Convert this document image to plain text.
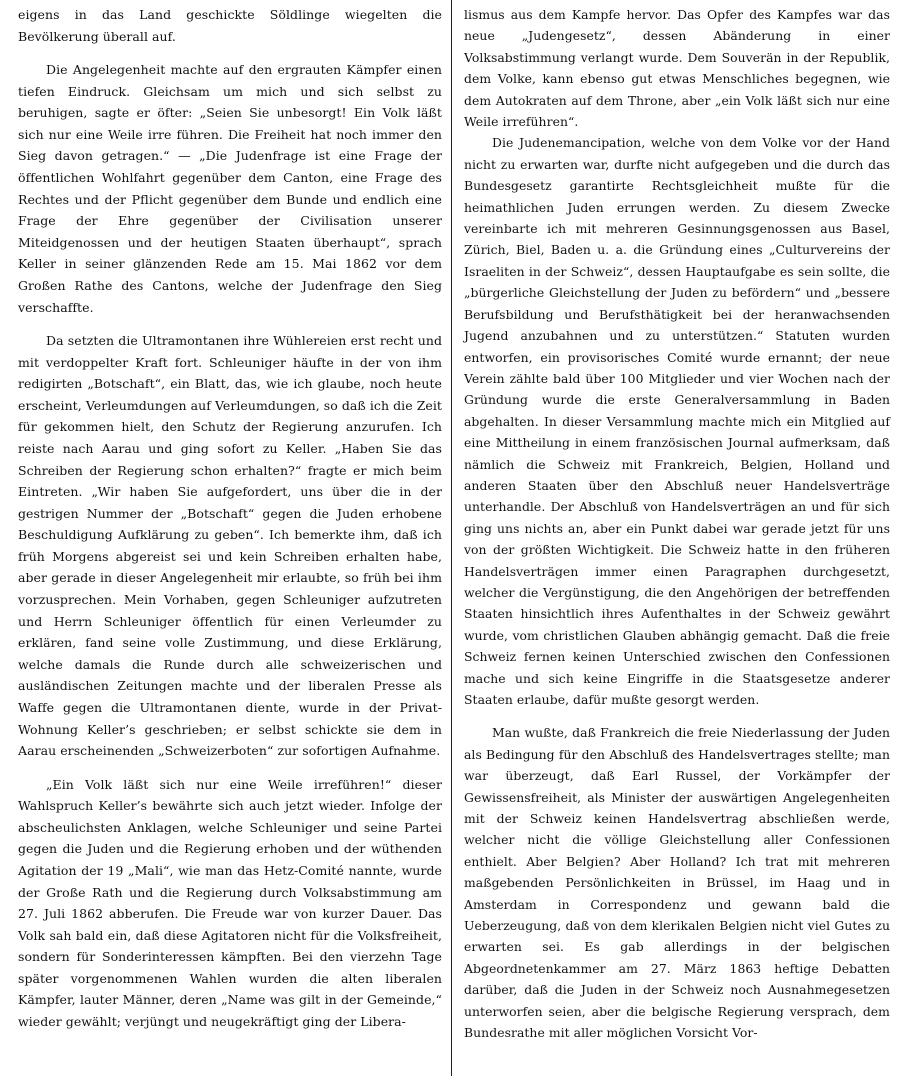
eigens in das Land geschickte Söldlinge wiegelten die Bevölkerung überall auf.

Die Angelegenheit machte auf den ergrauten Kämpfer einen tiefen Eindruck. Gleichsam um mich und sich selbst zu beruhigen, sagte er öfter: „Seien Sie unbesorgt! Ein Volk läßt sich nur eine Weile irre führen. Die Freiheit hat noch immer den Sieg davon getragen.“ — „Die Judenfrage ist eine Frage der öffentlichen Wohlfahrt gegenüber dem Canton, eine Frage des Rechtes und der Pflicht gegenüber dem Bunde und endlich eine Frage der Ehre gegenüber der Civilisation unserer Miteidgenossen und der heutigen Staaten überhaupt“, sprach Keller in seiner glänzenden Rede am 15. Mai 1862 vor dem Großen Rathe des Cantons, welche der Judenfrage den Sieg verschaffte.

Da setzten die Ultramontanen ihre Wühlereien erst recht und mit verdoppelter Kraft fort. Schleuniger häufte in der von ihm redigirten „Botschaft“, ein Blatt, das, wie ich glaube, noch heute erscheint, Verleumdungen auf Verleumdungen, so daß ich die Zeit für gekommen hielt, den Schutz der Regierung anzurufen. Ich reiste nach Aarau und ging sofort zu Keller. „Haben Sie das Schreiben der Regierung schon erhalten?“ fragte er mich beim Eintreten. „Wir haben Sie aufgefordert, uns über die in der gestrigen Nummer der „Botschaft“ gegen die Juden erhobene Beschuldigung Aufklärung zu geben“. Ich bemerkte ihm, daß ich früh Morgens abgereist sei und kein Schreiben erhalten habe, aber gerade in dieser Angelegenheit mir erlaubte, so früh bei ihm vorzusprechen. Mein Vorhaben, gegen Schleuniger aufzutreten und Herrn Schleuniger öffentlich für einen Verleumder zu erklären, fand seine volle Zustimmung, und diese Erklärung, welche damals die Runde durch alle schweizerischen und ausländischen Zeitungen machte und der liberalen Presse als Waffe gegen die Ultramontanen diente, wurde in der Privat-Wohnung Keller’s geschrieben; er selbst schickte sie dem in Aarau erscheinenden „Schweizerboten“ zur sofortigen Aufnahme.

„Ein Volk läßt sich nur eine Weile irreführen!“ dieser Wahlspruch Keller’s bewährte sich auch jetzt wieder. Infolge der abscheulichsten Anklagen, welche Schleuniger und seine Partei gegen die Juden und die Regierung erhoben und der wüthenden Agitation der 19 „Mali“, wie man das Hetz-Comité nannte, wurde der Große Rath und die Regierung durch Volksabstimmung am 27. Juli 1862 abberufen. Die Freude war von kurzer Dauer. Das Volk sah bald ein, daß diese Agitatoren nicht für die Volksfreiheit, sondern für Sonderinteressen kämpften. Bei den vierzehn Tage später vorgenommenen Wahlen wurden die alten liberalen Kämpfer, lauter Männer, deren „Name was gilt in der Gemeinde,“ wieder gewählt; verjüngt und neugekräftigt ging der Libera-

lismus aus dem Kampfe hervor. Das Opfer des Kampfes war das neue „Judengesetz“, dessen Abänderung in einer Volksabstimmung verlangt wurde. Dem Souverän in der Republik, dem Volke, kann ebenso gut etwas Menschliches begegnen, wie dem Autokraten auf dem Throne, aber „ein Volk läßt sich nur eine Weile irreführen“.

Die Judenemancipation, welche von dem Volke vor der Hand nicht zu erwarten war, durfte nicht aufgegeben und die durch das Bundesgesetz garantirte Rechtsgleichheit mußte für die heimathlichen Juden errungen werden. Zu diesem Zwecke vereinbarte ich mit mehreren Gesinnungsgenossen aus Basel, Zürich, Biel, Baden u. a. die Gründung eines „Culturvereins der Israeliten in der Schweiz“, dessen Hauptaufgabe es sein sollte, die „bürgerliche Gleichstellung der Juden zu befördern“ und „bessere Berufsbildung und Berufsthätigkeit bei der heranwachsenden Jugend anzubahnen und zu unterstützen.“ Statuten wurden entworfen, ein provisorisches Comité wurde ernannt; der neue Verein zählte bald über 100 Mitglieder und vier Wochen nach der Gründung wurde die erste Generalversammlung in Baden abgehalten. In dieser Versammlung machte mich ein Mitglied auf eine Mittheilung in einem französischen Journal aufmerksam, daß nämlich die Schweiz mit Frankreich, Belgien, Holland und anderen Staaten über den Abschluß neuer Handelsverträge unterhandle. Der Abschluß von Handelsverträgen an und für sich ging uns nichts an, aber ein Punkt dabei war gerade jetzt für uns von der größten Wichtigkeit. Die Schweiz hatte in den früheren Handelsverträgen immer einen Paragraphen durchgesetzt, welcher die Vergünstigung, die den Angehörigen der betreffenden Staaten hinsichtlich ihres Aufenthaltes in der Schweiz gewährt wurde, vom christlichen Glauben abhängig gemacht. Daß die freie Schweiz fernen keinen Unterschied zwischen den Confessionen mache und sich keine Eingriffe in die Staatsgesetze anderer Staaten erlaube, dafür mußte gesorgt werden.

Man wußte, daß Frankreich die freie Niederlassung der Juden als Bedingung für den Abschluß des Handelsvertrages stellte; man war überzeugt, daß Earl Russel, der Vorkämpfer der Gewissensfreiheit, als Minister der auswärtigen Angelegenheiten mit der Schweiz keinen Handelsvertrag abschließen werde, welcher nicht die völlige Gleichstellung aller Confessionen enthielt. Aber Belgien? Aber Holland? Ich trat mit mehreren maßgebenden Persönlichkeiten in Brüssel, im Haag und in Amsterdam in Correspondenz und gewann bald die Ueberzeugung, daß von dem klerikalen Belgien nicht viel Gutes zu erwarten sei. Es gab allerdings in der belgischen Abgeordnetenkammer am 27. März 1863 heftige Debatten darüber, daß die Juden in der Schweiz noch Ausnahmegesetzen unterworfen seien, aber die belgische Regierung versprach, dem Bundesrathe mit aller möglichen Vorsicht Vor-
